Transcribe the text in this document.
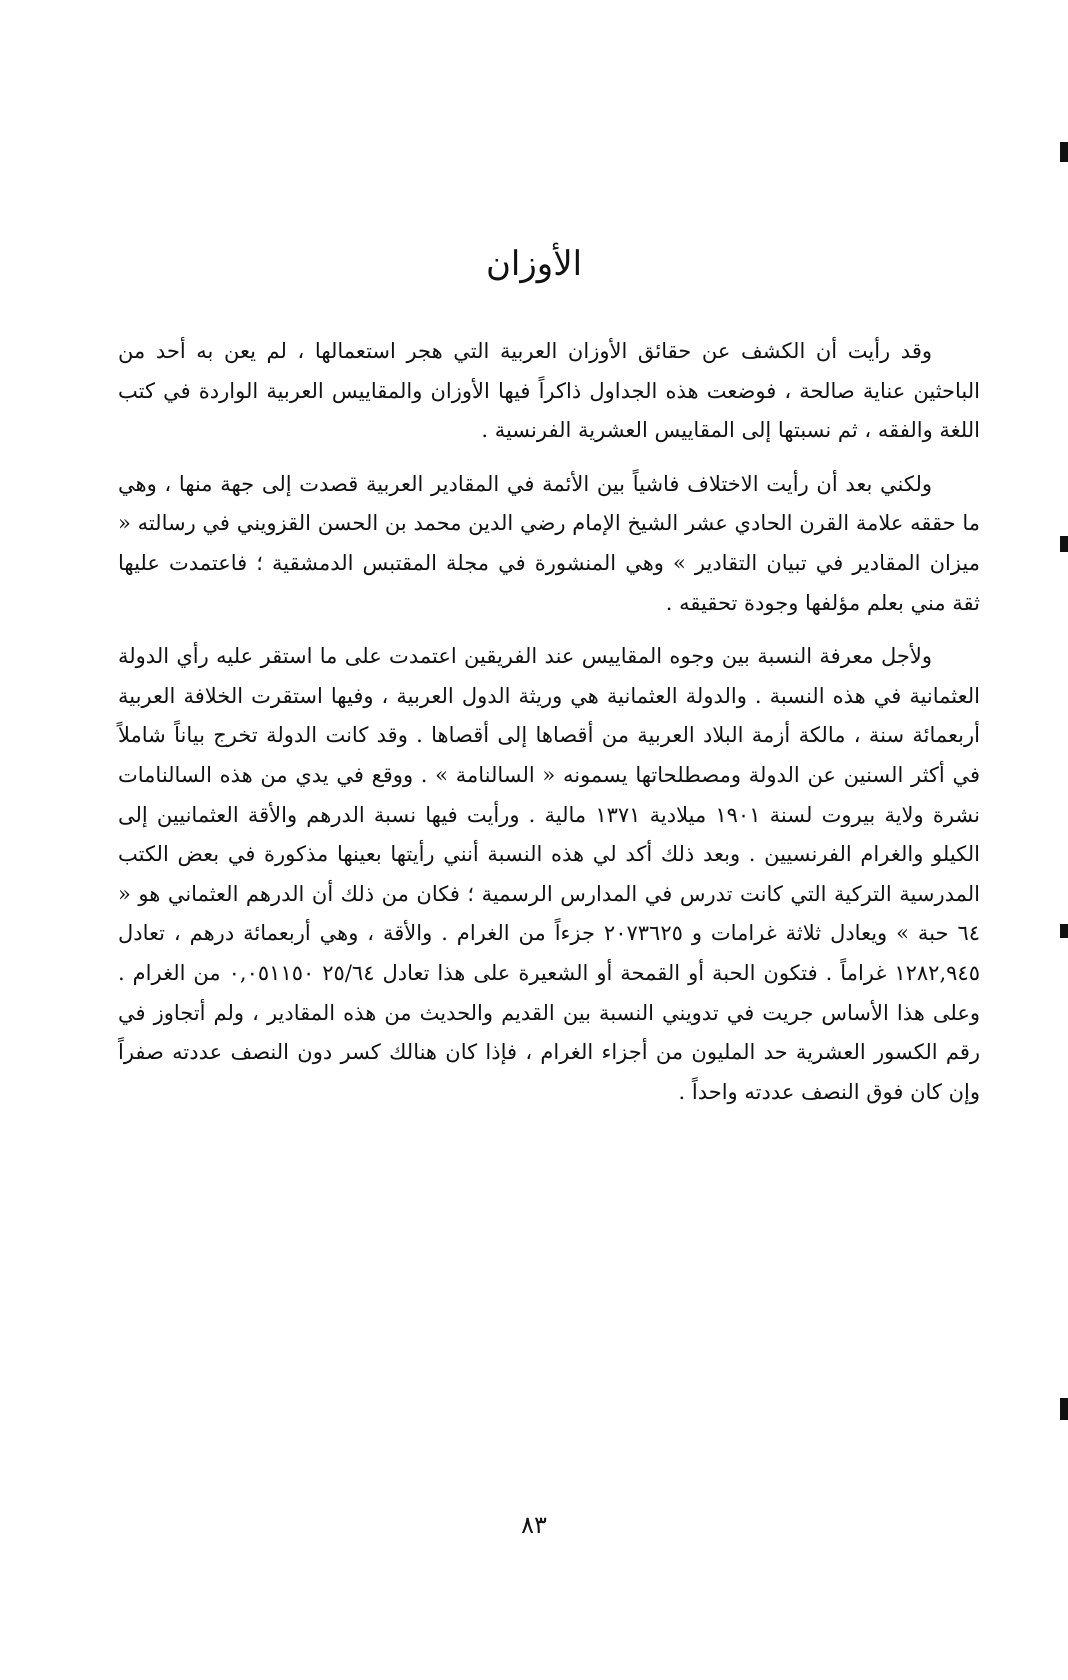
الأوزان

وقد رأيت أن الكشف عن حقائق الأوزان العربية التي هجر استعمالها ، لم يعن به أحد من الباحثين عناية صالحة ، فوضعت هذه الجداول ذاكراً فيها الأوزان والمقاييس العربية الواردة في كتب اللغة والفقه ، ثم نسبتها إلى المقاييس العشرية الفرنسية .

ولكني بعد أن رأيت الاختلاف فاشياً بين الأئمة في المقادير العربية قصدت إلى جهة منها ، وهي ما حققه علامة القرن الحادي عشر الشيخ الإمام رضي الدين محمد بن الحسن القزويني في رسالته « ميزان المقادير في تبيان التقادير » وهي المنشورة في مجلة المقتبس الدمشقية ؛ فاعتمدت عليها ثقة مني بعلم مؤلفها وجودة تحقيقه .

ولأجل معرفة النسبة بين وجوه المقاييس عند الفريقين اعتمدت على ما استقر عليه رأي الدولة العثمانية في هذه النسبة . والدولة العثمانية هي وريثة الدول العربية ، وفيها استقرت الخلافة العربية أربعمائة سنة ، مالكة أزمة البلاد العربية من أقصاها إلى أقصاها . وقد كانت الدولة تخرج بياناً شاملاً في أكثر السنين عن الدولة ومصطلحاتها يسمونه « السالنامة » . ووقع في يدي من هذه السالنامات نشرة ولاية بيروت لسنة ١٩٠١ ميلادية ١٣٧١ مالية . ورأيت فيها نسبة الدرهم والأقة العثمانيين إلى الكيلو والغرام الفرنسيين . وبعد ذلك أكد لي هذه النسبة أنني رأيتها بعينها مذكورة في بعض الكتب المدرسية التركية التي كانت تدرس في المدارس الرسمية ؛ فكان من ذلك أن الدرهم العثماني هو « ٦٤ حبة » ويعادل ثلاثة غرامات و ٢٠٧٣٦٢٥ جزءاً من الغرام . والأقة ، وهي أربعمائة درهم ، تعادل ١٢٨٢,٩٤٥ غراماً . فتكون الحبة أو القمحة أو الشعيرة على هذا تعادل ٢٥/٦٤ ٠,٠٥١١٥٠ من الغرام . وعلى هذا الأساس جريت في تدويني النسبة بين القديم والحديث من هذه المقادير ، ولم أتجاوز في رقم الكسور العشرية حد المليون من أجزاء الغرام ، فإذا كان هنالك كسر دون النصف عددته صفراً وإن كان فوق النصف عددته واحداً .

٨٣
